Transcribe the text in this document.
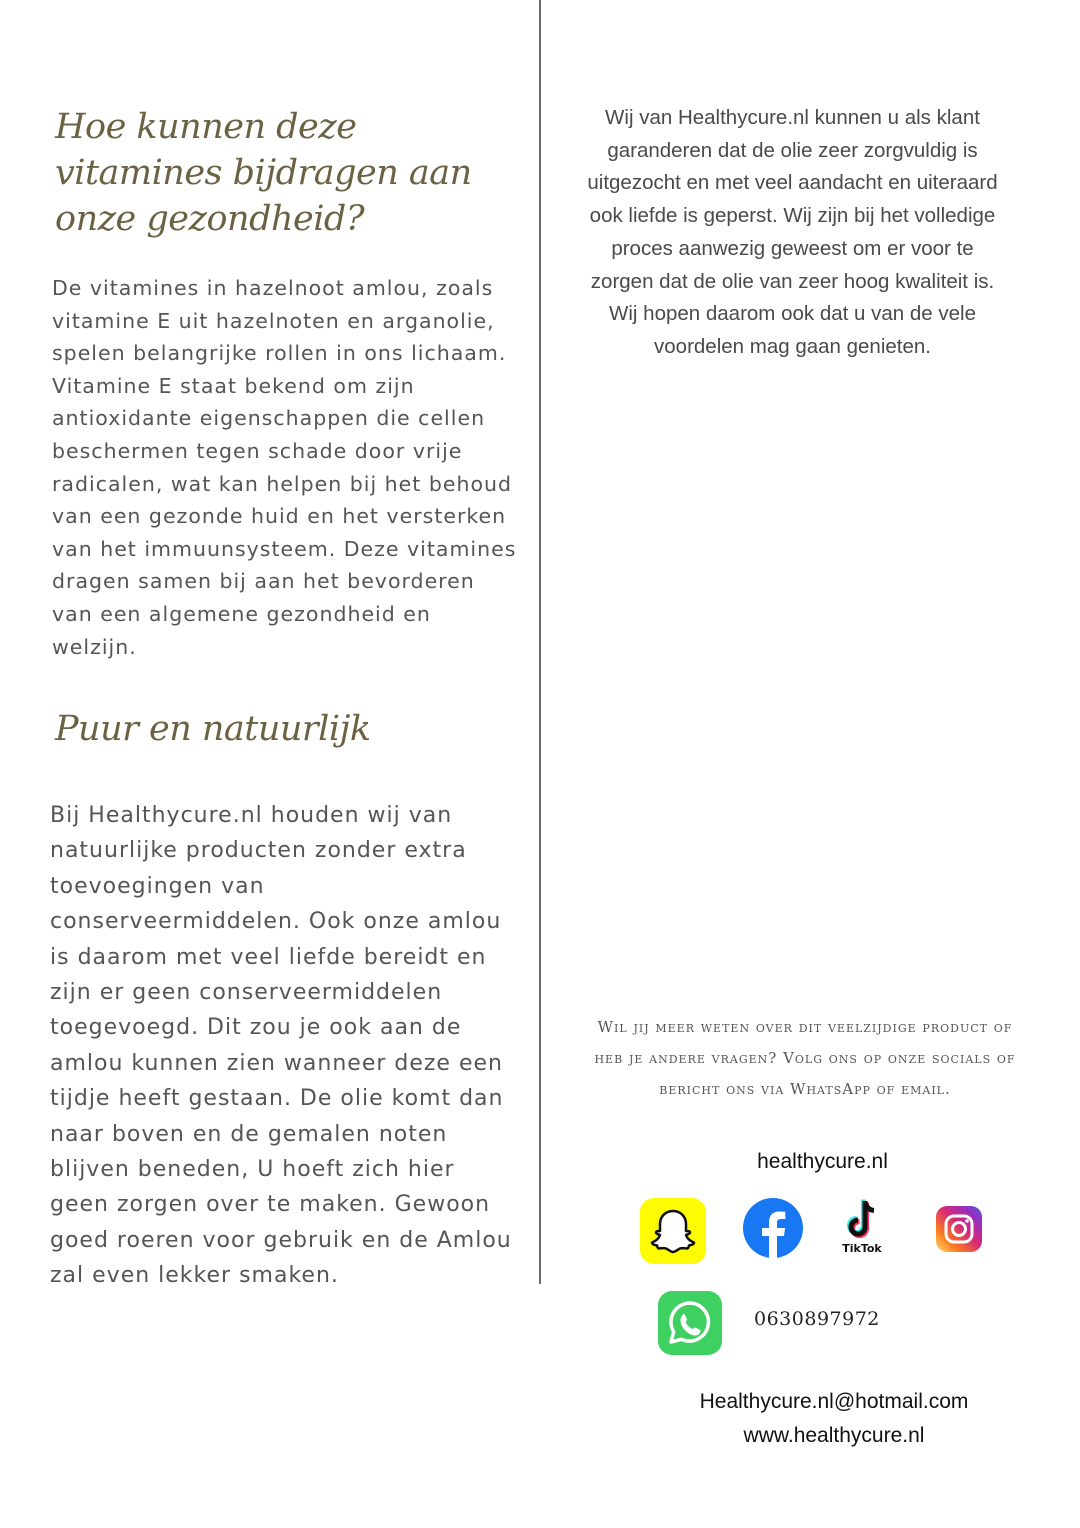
Hoe kunnen deze vitamines bijdragen aan onze gezondheid?

De vitamines in hazelnoot amlou, zoals vitamine E uit hazelnoten en arganolie, spelen belangrijke rollen in ons lichaam. Vitamine E staat bekend om zijn antioxidante eigenschappen die cellen beschermen tegen schade door vrije radicalen, wat kan helpen bij het behoud van een gezonde huid en het versterken van het immuunsysteem. Deze vitamines dragen samen bij aan het bevorderen van een algemene gezondheid en welzijn.

Puur en natuurlijk

Bij Healthycure.nl houden wij van natuurlijke producten zonder extra toevoegingen van conserveermiddelen. Ook onze amlou is daarom met veel liefde bereidt en zijn er geen conserveermiddelen toegevoegd. Dit zou je ook aan de amlou kunnen zien wanneer deze een tijdje heeft gestaan. De olie komt dan naar boven en de gemalen noten blijven beneden, U hoeft zich hier geen zorgen over te maken. Gewoon goed roeren voor gebruik en de Amlou zal even lekker smaken.

Wij van Healthycure.nl kunnen u als klant garanderen dat de olie zeer zorgvuldig is uitgezocht en met veel aandacht en uiteraard ook liefde is geperst. Wij zijn bij het volledige proces aanwezig geweest om er voor te zorgen dat de olie van zeer hoog kwaliteit is. Wij hopen daarom ook dat u van de vele voordelen mag gaan genieten.

Wil jij meer weten over dit veelzijdige product of heb je andere vragen? Volg ons op onze socials of bericht ons via WhatsApp of email.

healthycure.nl
TikTok
0630897972
Healthycure.nl@hotmail.com
www.healthycure.nl
